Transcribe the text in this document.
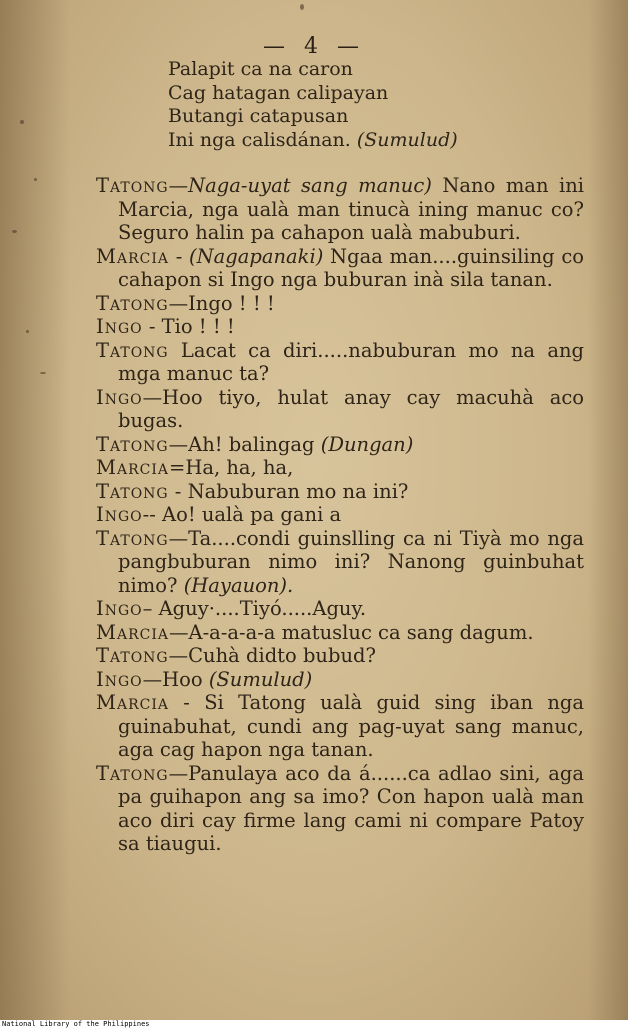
— 4 —
Palapit ca na caron
Cag hatagan calipayan
Butangi catapusan
Ini nga calisdánan. (Sumulud)

Tatong—Naga-uyat sang manuc) Nano man ini Marcia, nga ualà man tinucà ining manuc co? Seguro halin pa cahapon ualà mabuburi.

Marcia - (Nagapanaki) Ngaa man....guinsiling co cahapon si Ingo nga buburan inà sila tanan.

Tatong—Ingo ! ! !

Ingo - Tio ! ! !

Tatong Lacat ca diri.....nabuburan mo na ang mga manuc ta?

Ingo—Hoo tiyo, hulat anay cay macuhà aco bugas.

Tatong—Ah! balingag (Dungan)

Marcia=Ha, ha, ha,

Tatong - Nabuburan mo na ini?

Ingo-- Ao! ualà pa gani a

Tatong—Ta....condi guinslling ca ni Tiyà mo nga pangbuburan nimo ini? Nanong guinbuhat nimo? (Hayauon).

Ingo– Aguy·....Tiyó.....Aguy.

Marcia—A-a-a-a-a matusluc ca sang dagum.

Tatong—Cuhà didto bubud?

Ingo—Hoo (Sumulud)

Marcia - Si Tatong ualà guid sing iban nga guinabuhat, cundi ang pag-uyat sang manuc, aga cag hapon nga tanan.

Tatong—Panulaya aco da á......ca adlao sini, aga pa guihapon ang sa imo? Con hapon ualà man aco diri cay firme lang cami ni compare Patoy sa tiaugui.

National Library of the Philippines
